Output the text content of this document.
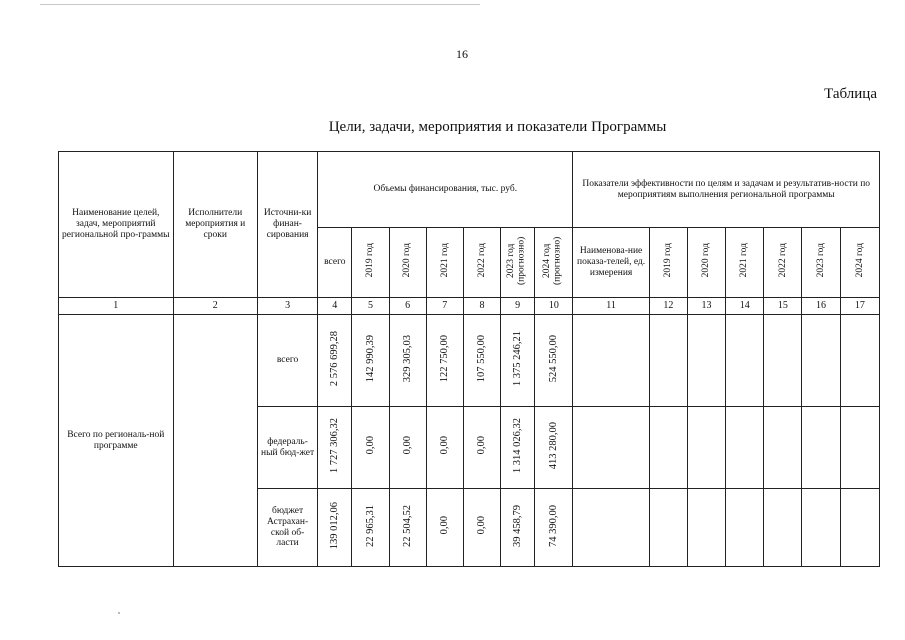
16
Таблица
Цели, задачи, мероприятия и показатели Программы
Наименование целей, задач, мероприятий региональной про-граммы	Исполнители мероприятия и сроки	Источни-ки финан-сирования	Объемы финансирования, тыс. руб.							Показатели эффективности по целям и задачам и результатив-ности по мероприятиям выполнения региональной программы						
			всего	2019 год	2020 год	2021 год	2022 год	2023 год (прогнозно)	2024 год (прогнозно)	Наименова-ние показа-телей, ед. измерения	2019 год	2020 год	2021 год	2022 год	2023 год	2024 год
1	2	3	4	5	6	7	8	9	10	11	12	13	14	15	16	17
Всего по региональ-ной программе		всего	2 576 699,28	142 990,39	329 305,03	122 750,00	107 550,00	1 375 246,21	524 550,00							
		федераль-ный бюд-жет	1 727 306,32	0,00	0,00	0,00	0,00	1 314 026,32	413 280,00							
		бюджет Астрахан-ской об-ласти	139 012,06	22 965,31	22 504,52	0,00	0,00	39 458,79	74 390,00							
